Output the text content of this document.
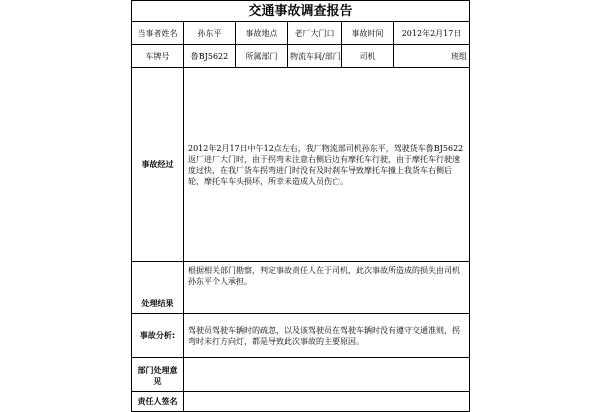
交通事故调查报告					
当事者姓名	孙东平	事故地点	老厂大门口	事故时间	2012年2月17日
车牌号	鲁BJ5622	所属部门	物流 车间/部门	司机	班组
事故经过	2012年2月17日中午12点左右，我厂物流部司机孙东平，驾驶货车鲁BJ5622返厂进厂大门时，由于拐弯未注意右侧后边有摩托车行驶，由于摩托车行驶速度过快，在我厂货车拐弯进门时没有及时刹车导致摩托车撞上我货车右侧后轮，摩托车车头损坏，所幸未造成人员伤亡。				
处理结果	根据相关部门勘察，判定事故责任人在于司机，此次事故所造成的损失由司机孙东平个人承担。				
事故分析:	驾驶员驾驶车辆时的疏忽，以及该驾驶员在驾驶车辆时没有遵守交通准则，拐弯时未打方向灯，都是导致此次事故的主要原因。				
部门处理意见					
责任人签名					
